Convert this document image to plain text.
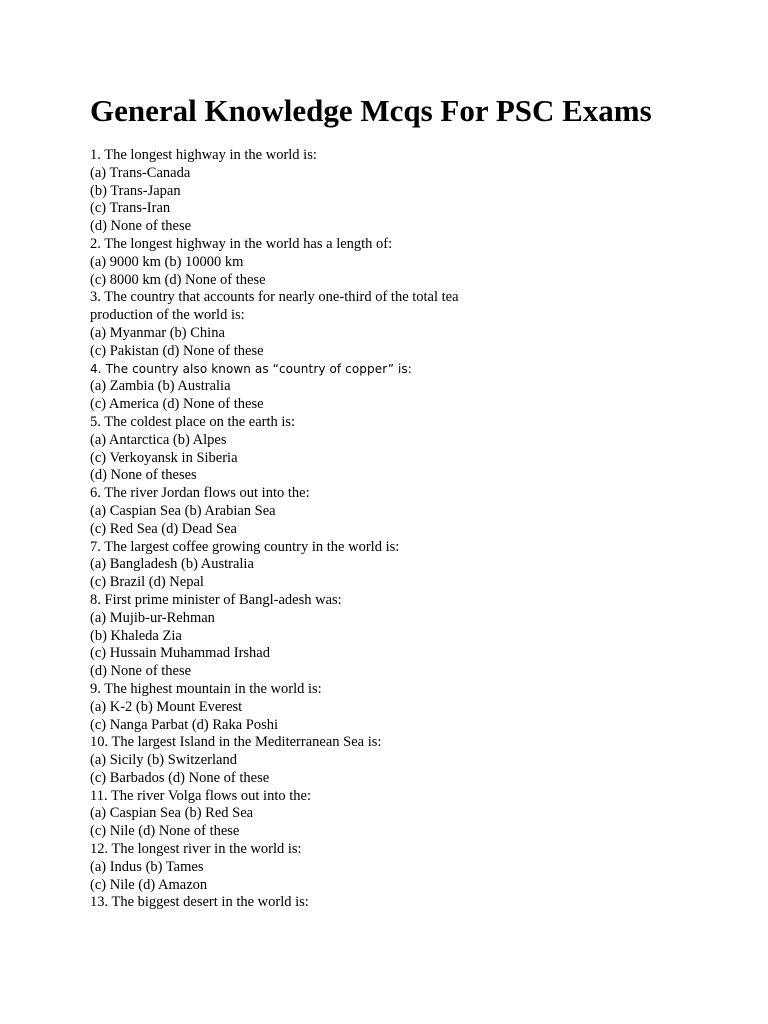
General Knowledge Mcqs For PSC Exams
1. The longest highway in the world is:
(a) Trans-Canada
(b) Trans-Japan
(c) Trans-Iran
(d) None of these
2. The longest highway in the world has a length of:
(a) 9000 km (b) 10000 km
(c) 8000 km (d) None of these
3. The country that accounts for nearly one-third of the total tea
production of the world is:
(a) Myanmar (b) China
(c) Pakistan (d) None of these
4. The country also known as “country of copper” is:
(a) Zambia (b) Australia
(c) America (d) None of these
5. The coldest place on the earth is:
(a) Antarctica (b) Alpes
(c) Verkoyansk in Siberia
(d) None of theses
6. The river Jordan flows out into the:
(a) Caspian Sea (b) Arabian Sea
(c) Red Sea (d) Dead Sea
7. The largest coffee growing country in the world is:
(a) Bangladesh (b) Australia
(c) Brazil (d) Nepal
8. First prime minister of Bangl-adesh was:
(a) Mujib-ur-Rehman
(b) Khaleda Zia
(c) Hussain Muhammad Irshad
(d) None of these
9. The highest mountain in the world is:
(a) K-2 (b) Mount Everest
(c) Nanga Parbat (d) Raka Poshi
10. The largest Island in the Mediterranean Sea is:
(a) Sicily (b) Switzerland
(c) Barbados (d) None of these
11. The river Volga flows out into the:
(a) Caspian Sea (b) Red Sea
(c) Nile (d) None of these
12. The longest river in the world is:
(a) Indus (b) Tames
(c) Nile (d) Amazon
13. The biggest desert in the world is:
